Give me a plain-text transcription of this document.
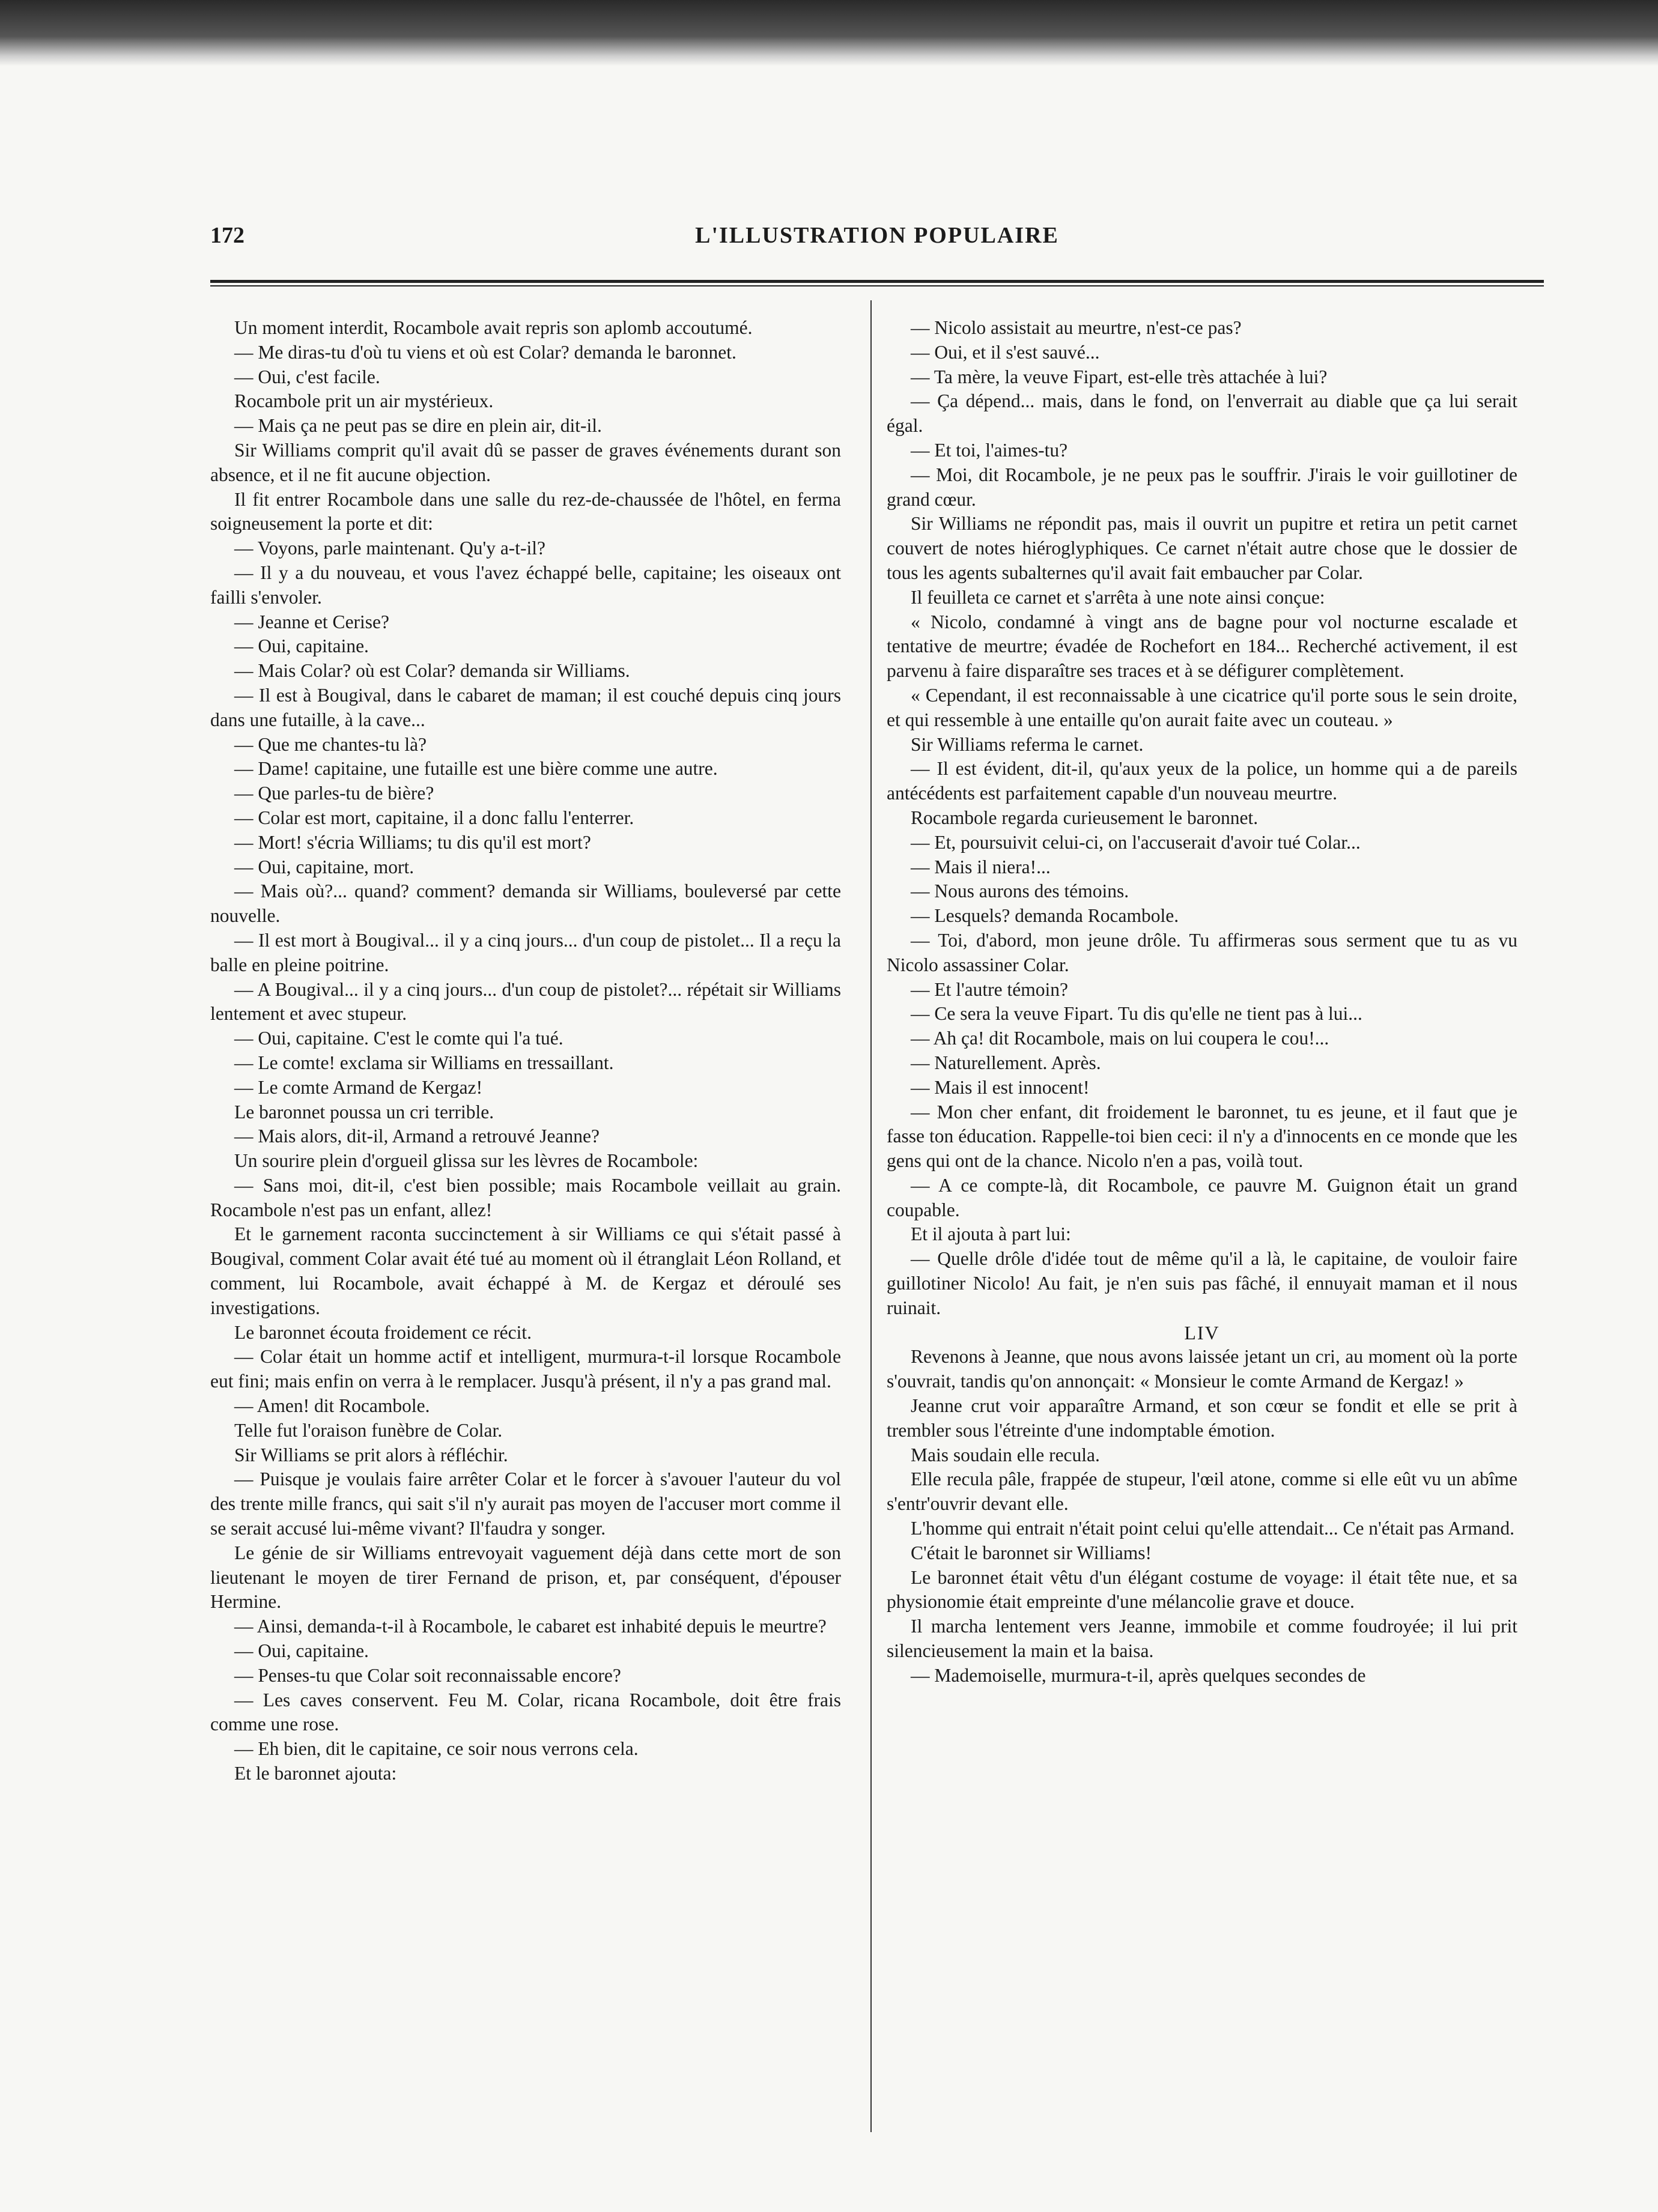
172	L'ILLUSTRATION POPULAIRE

Un moment interdit, Rocambole avait repris son aplomb accoutumé.

— Me diras-tu d'où tu viens et où est Colar? demanda le baronnet.

— Oui, c'est facile.

Rocambole prit un air mystérieux.

— Mais ça ne peut pas se dire en plein air, dit-il.

Sir Williams comprit qu'il avait dû se passer de graves événements durant son absence, et il ne fit aucune objection.

Il fit entrer Rocambole dans une salle du rez-de-chaussée de l'hôtel, en ferma soigneusement la porte et dit:

— Voyons, parle maintenant. Qu'y a-t-il?

— Il y a du nouveau, et vous l'avez échappé belle, capitaine; les oiseaux ont failli s'envoler.

— Jeanne et Cerise?

— Oui, capitaine.

— Mais Colar? où est Colar? demanda sir Williams.

— Il est à Bougival, dans le cabaret de maman; il est couché depuis cinq jours dans une futaille, à la cave...

— Que me chantes-tu là?

— Dame! capitaine, une futaille est une bière comme une autre.

— Que parles-tu de bière?

— Colar est mort, capitaine, il a donc fallu l'enterrer.

— Mort! s'écria Williams; tu dis qu'il est mort?

— Oui, capitaine, mort.

— Mais où?... quand? comment? demanda sir Williams, bouleversé par cette nouvelle.

— Il est mort à Bougival... il y a cinq jours... d'un coup de pistolet... Il a reçu la balle en pleine poitrine.

— A Bougival... il y a cinq jours... d'un coup de pistolet?... répétait sir Williams lentement et avec stupeur.

— Oui, capitaine. C'est le comte qui l'a tué.

— Le comte! exclama sir Williams en tressaillant.

— Le comte Armand de Kergaz!

Le baronnet poussa un cri terrible.

— Mais alors, dit-il, Armand a retrouvé Jeanne?

Un sourire plein d'orgueil glissa sur les lèvres de Rocambole:

— Sans moi, dit-il, c'est bien possible; mais Rocambole veillait au grain. Rocambole n'est pas un enfant, allez!

Et le garnement raconta succinctement à sir Williams ce qui s'était passé à Bougival, comment Colar avait été tué au moment où il étranglait Léon Rolland, et comment, lui Rocambole, avait échappé à M. de Kergaz et déroulé ses investigations.

Le baronnet écouta froidement ce récit.

— Colar était un homme actif et intelligent, murmura-t-il lorsque Rocambole eut fini; mais enfin on verra à le remplacer. Jusqu'à présent, il n'y a pas grand mal.

— Amen! dit Rocambole.

Telle fut l'oraison funèbre de Colar.

Sir Williams se prit alors à réfléchir.

— Puisque je voulais faire arrêter Colar et le forcer à s'avouer l'auteur du vol des trente mille francs, qui sait s'il n'y aurait pas moyen de l'accuser mort comme il se serait accusé lui-même vivant? Il'faudra y songer.

Le génie de sir Williams entrevoyait vaguement déjà dans cette mort de son lieutenant le moyen de tirer Fernand de prison, et, par conséquent, d'épouser Hermine.

— Ainsi, demanda-t-il à Rocambole, le cabaret est inhabité depuis le meurtre?

— Oui, capitaine.

— Penses-tu que Colar soit reconnaissable encore?

— Les caves conservent. Feu M. Colar, ricana Rocambole, doit être frais comme une rose.

— Eh bien, dit le capitaine, ce soir nous verrons cela.

Et le baronnet ajouta:

— Nicolo assistait au meurtre, n'est-ce pas?

— Oui, et il s'est sauvé...

— Ta mère, la veuve Fipart, est-elle très attachée à lui?

— Ça dépend... mais, dans le fond, on l'enverrait au diable que ça lui serait égal.

— Et toi, l'aimes-tu?

— Moi, dit Rocambole, je ne peux pas le souffrir. J'irais le voir guillotiner de grand cœur.

Sir Williams ne répondit pas, mais il ouvrit un pupitre et retira un petit carnet couvert de notes hiéroglyphiques. Ce carnet n'était autre chose que le dossier de tous les agents subalternes qu'il avait fait embaucher par Colar.

Il feuilleta ce carnet et s'arrêta à une note ainsi conçue:

« Nicolo, condamné à vingt ans de bagne pour vol nocturne escalade et tentative de meurtre; évadée de Rochefort en 184... Recherché activement, il est parvenu à faire disparaître ses traces et à se défigurer complètement.

« Cependant, il est reconnaissable à une cicatrice qu'il porte sous le sein droite, et qui ressemble à une entaille qu'on aurait faite avec un couteau. »

Sir Williams referma le carnet.

— Il est évident, dit-il, qu'aux yeux de la police, un homme qui a de pareils antécédents est parfaitement capable d'un nouveau meurtre.

Rocambole regarda curieusement le baronnet.

— Et, poursuivit celui-ci, on l'accuserait d'avoir tué Colar...

— Mais il niera!...

— Nous aurons des témoins.

— Lesquels? demanda Rocambole.

— Toi, d'abord, mon jeune drôle. Tu affirmeras sous serment que tu as vu Nicolo assassiner Colar.

— Et l'autre témoin?

— Ce sera la veuve Fipart. Tu dis qu'elle ne tient pas à lui...

— Ah ça! dit Rocambole, mais on lui coupera le cou!...

— Naturellement. Après.

— Mais il est innocent!

— Mon cher enfant, dit froidement le baronnet, tu es jeune, et il faut que je fasse ton éducation. Rappelle-toi bien ceci: il n'y a d'innocents en ce monde que les gens qui ont de la chance. Nicolo n'en a pas, voilà tout.

— A ce compte-là, dit Rocambole, ce pauvre M. Guignon était un grand coupable.

Et il ajouta à part lui:

— Quelle drôle d'idée tout de même qu'il a là, le capitaine, de vouloir faire guillotiner Nicolo! Au fait, je n'en suis pas fâché, il ennuyait maman et il nous ruinait.

LIV

Revenons à Jeanne, que nous avons laissée jetant un cri, au moment où la porte s'ouvrait, tandis qu'on annonçait: « Monsieur le comte Armand de Kergaz! »

Jeanne crut voir apparaître Armand, et son cœur se fondit et elle se prit à trembler sous l'étreinte d'une indomptable émotion.

Mais soudain elle recula.

Elle recula pâle, frappée de stupeur, l'œil atone, comme si elle eût vu un abîme s'entr'ouvrir devant elle.

L'homme qui entrait n'était point celui qu'elle attendait... Ce n'était pas Armand.

C'était le baronnet sir Williams!

Le baronnet était vêtu d'un élégant costume de voyage: il était tête nue, et sa physionomie était empreinte d'une mélancolie grave et douce.

Il marcha lentement vers Jeanne, immobile et comme foudroyée; il lui prit silencieusement la main et la baisa.

— Mademoiselle, murmura-t-il, après quelques secondes de
